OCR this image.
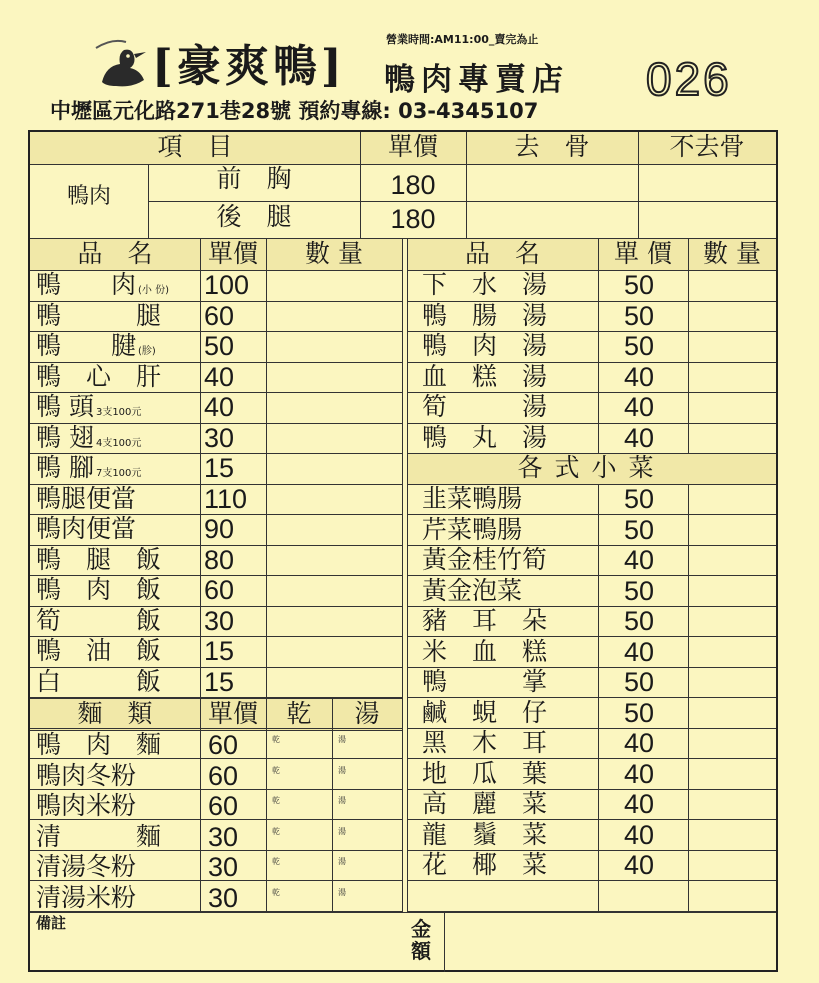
[豪爽鴨]
營業時間:AM11:00_賣完為止
鴨肉專賣店 026
中壢區元化路271巷28號 預約專線: 03-4345107
項　目	單價	去　骨	不去骨
鴨肉
前　胸	180
後　腿	180
品　名	單價	數 量
鴨　　肉 (小 份) 100
鴨　　　腿 60
鴨　　腱 (胗) 50
鴨　心　肝 40
鴨 頭 3支100元 40
鴨 翅 4支100元 30
鴨 腳 7支100元 15
鴨腿便當	110
鴨肉便當	90
鴨　腿　飯 80
鴨　肉　飯 60
筍　　　飯 30
鴨　油　飯 15
白　　　飯 15
麵　類	單價	乾	湯
鴨　肉　麵 60	乾	湯
鴨肉冬粉	60	乾	湯
鴨肉米粉	60	乾	湯
清　　　麵 30	乾	湯
清湯冬粉	30	乾	湯
清湯米粉	30	乾	湯
品　名	單 價	數 量
下　水　湯	50
鴨　腸　湯	50
鴨　肉　湯	50
血　糕　湯	40
筍　　　湯	40
鴨　丸　湯	40
各式小菜
韭菜鴨腸	50
芹菜鴨腸	50
黃金桂竹筍	40
黃金泡菜	50
豬　耳　朵	50
米　血　糕	40
鴨　　　掌	50
鹹　蜆　仔	50
黑　木　耳	40
地　瓜　葉	40
高　麗　菜	40
龍　鬚　菜	40
花　椰　菜	40
備註	金額
